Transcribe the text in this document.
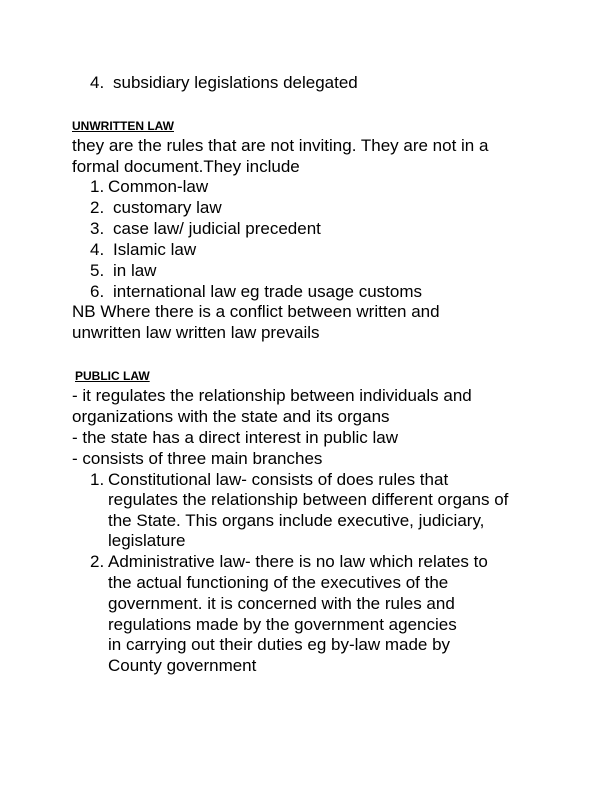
4. subsidiary legislations delegated
UNWRITTEN LAW
they are the rules that are not inviting. They are not in a
formal document.They include
1. Common-law
2. customary law
3. case law/ judicial precedent
4. Islamic law
5. in law
6. international law eg trade usage customs
NB Where there is a conflict between written and
unwritten law written law prevails
PUBLIC LAW
- it regulates the relationship between individuals and
organizations with the state and its organs
- the state has a direct interest in public law
- consists of three main branches
1. Constitutional law- consists of does rules that
regulates the relationship between different organs of
the State. This organs include executive, judiciary,
legislature
2. Administrative law- there is no law which relates to
the actual functioning of the executives of the
government. it is concerned with the rules and
regulations made by the government agencies
in carrying out their duties eg by-law made by
County government
